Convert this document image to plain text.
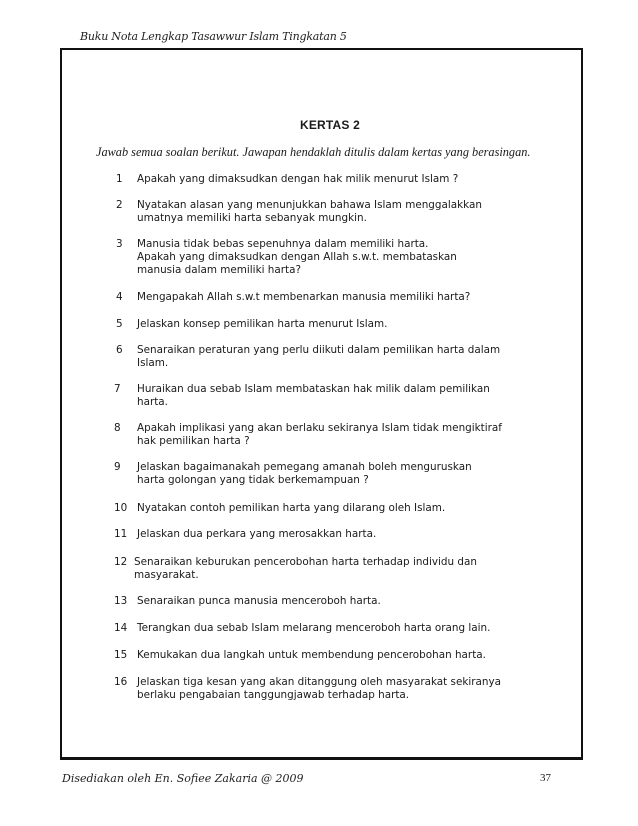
Buku Nota Lengkap Tasawwur Islam Tingkatan 5
KERTAS 2
Jawab semua soalan berikut. Jawapan hendaklah ditulis dalam kertas yang berasingan.
1	Apakah yang dimaksudkan dengan hak milik menurut Islam ?
2	Nyatakan alasan yang menunjukkan bahawa Islam menggalakkan
umatnya memiliki harta sebanyak mungkin.
3	Manusia tidak bebas sepenuhnya dalam memiliki harta.
Apakah yang dimaksudkan dengan Allah s.w.t. membataskan
manusia dalam memiliki harta?
4	Mengapakah Allah s.w.t membenarkan manusia memiliki harta?
5	Jelaskan konsep pemilikan harta menurut Islam.
6	Senaraikan peraturan yang perlu diikuti dalam pemilikan harta dalam
Islam.
7	Huraikan dua sebab Islam membataskan hak milik dalam pemilikan
harta.
8	Apakah implikasi yang akan berlaku sekiranya Islam tidak mengiktiraf
hak pemilikan harta ?
9	Jelaskan bagaimanakah pemegang amanah boleh menguruskan
harta golongan yang tidak berkemampuan ?
10 Nyatakan contoh pemilikan harta yang dilarang oleh Islam.
11 Jelaskan dua perkara yang merosakkan harta.
12 Senaraikan keburukan pencerobohan harta terhadap individu dan
masyarakat.
13 Senaraikan punca manusia menceroboh harta.
14 Terangkan dua sebab Islam melarang menceroboh harta orang lain.
15 Kemukakan dua langkah untuk membendung pencerobohan harta.
16 Jelaskan tiga kesan yang akan ditanggung oleh masyarakat sekiranya
berlaku pengabaian tanggungjawab terhadap harta.
Disediakan oleh En. Sofiee Zakaria @ 2009	37
